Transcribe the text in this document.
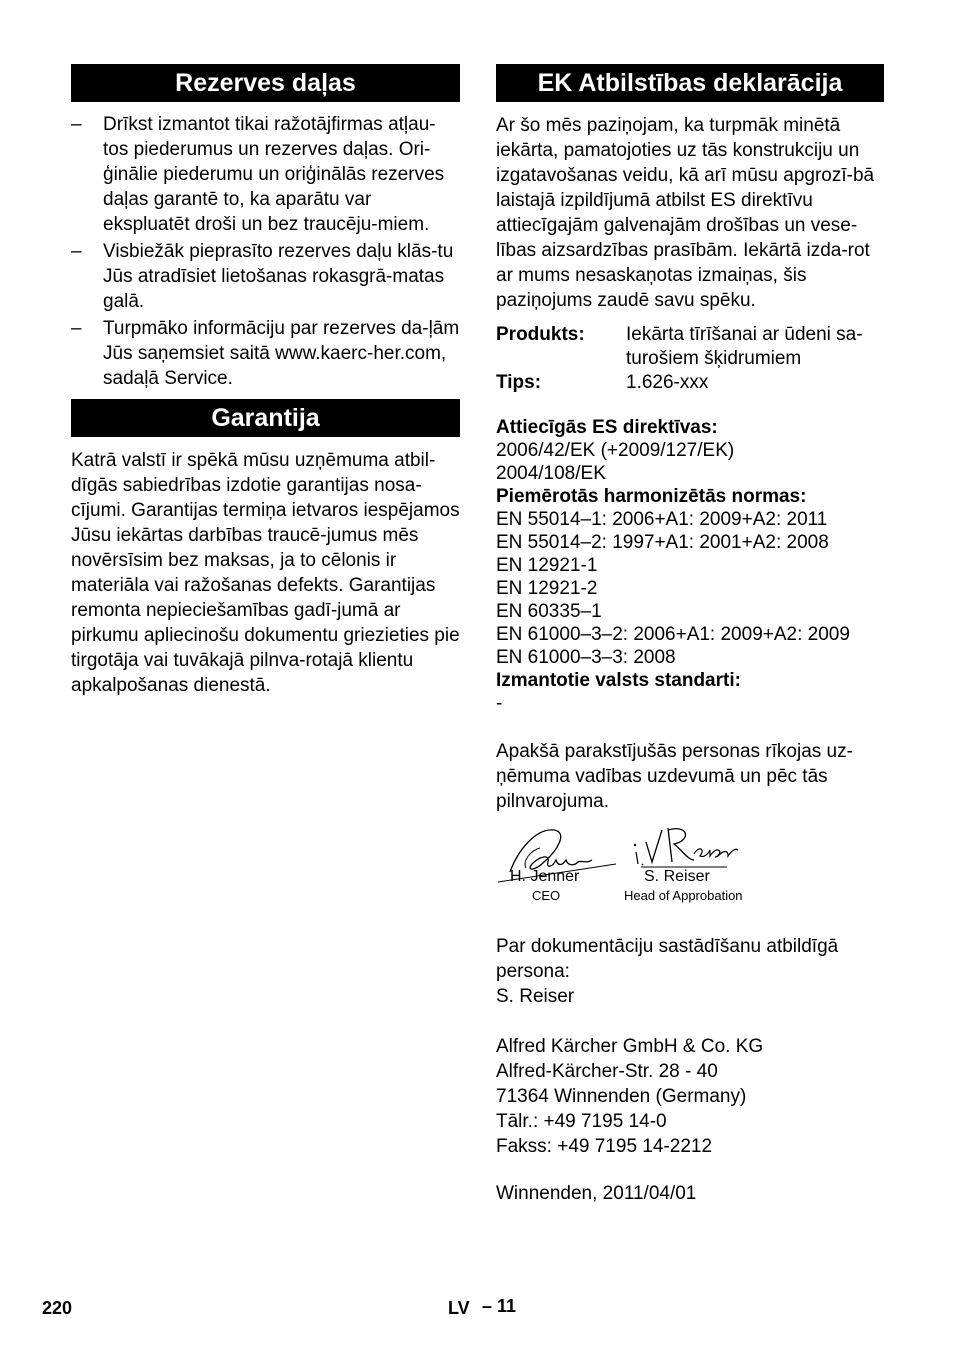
Rezerves daļas
– Drīkst izmantot tikai ražotājfirmas atļau-tos piederumus un rezerves daļas. Ori-ģinālie piederumu un oriģinālās rezerves daļas garantē to, ka aparātu var ekspluatēt droši un bez traucēju-miem.
– Visbiežāk pieprasīto rezerves daļu klās-tu Jūs atradīsiet lietošanas rokasgrā-matas galā.
– Turpmāko informāciju par rezerves da-ļām Jūs saņemsiet saitā www.kaerc-her.com, sadaļā Service.
Garantija

Katrā valstī ir spēkā mūsu uzņēmuma atbil-dīgās sabiedrības izdotie garantijas nosa-cījumi. Garantijas termiņa ietvaros iespējamos Jūsu iekārtas darbības traucē-jumus mēs novērsīsim bez maksas, ja to cēlonis ir materiāla vai ražošanas defekts. Garantijas remonta nepieciešamības gadī-jumā ar pirkumu apliecinošu dokumentu griezieties pie tirgotāja vai tuvākajā pilnva-rotajā klientu apkalpošanas dienestā.

EK Atbilstības deklarācija

Ar šo mēs paziņojam, ka turpmāk minētā iekārta, pamatojoties uz tās konstrukciju un izgatavošanas veidu, kā arī mūsu apgrozī-bā laistajā izpildījumā atbilst ES direktīvu attiecīgajām galvenajām drošības un vese-lības aizsardzības prasībām. Iekārtā izda-rot ar mums nesaskaņotas izmaiņas, šis paziņojums zaudē savu spēku.

Produkts:	Iekārta tīrīšanai ar ūdeni sa-turošiem šķidrumiem
Tips:	1.626-xxx
Attiecīgās ES direktīvas:
2006/42/EK (+2009/127/EK)
2004/108/EK
Piemērotās harmonizētās normas:
EN 55014–1: 2006+A1: 2009+A2: 2011
EN 55014–2: 1997+A1: 2001+A2: 2008
EN 12921-1
EN 12921-2
EN 60335–1
EN 61000–3–2: 2006+A1: 2009+A2: 2009
EN 61000–3–3: 2008
Izmantotie valsts standarti:
-

Apakšā parakstījušās personas rīkojas uz-ņēmuma vadības uzdevumā un pēc tās pilnvarojuma.

H. Jenner
CEO
S. Reiser
Head of Approbation

Par dokumentāciju sastādīšanu atbildīgā persona:

S. Reiser

Alfred Kärcher GmbH & Co. KG

Alfred-Kärcher-Str. 28 - 40

71364 Winnenden (Germany)

Tālr.: +49 7195 14-0

Fakss: +49 7195 14-2212

Winnenden, 2011/04/01

220	LV – 11
